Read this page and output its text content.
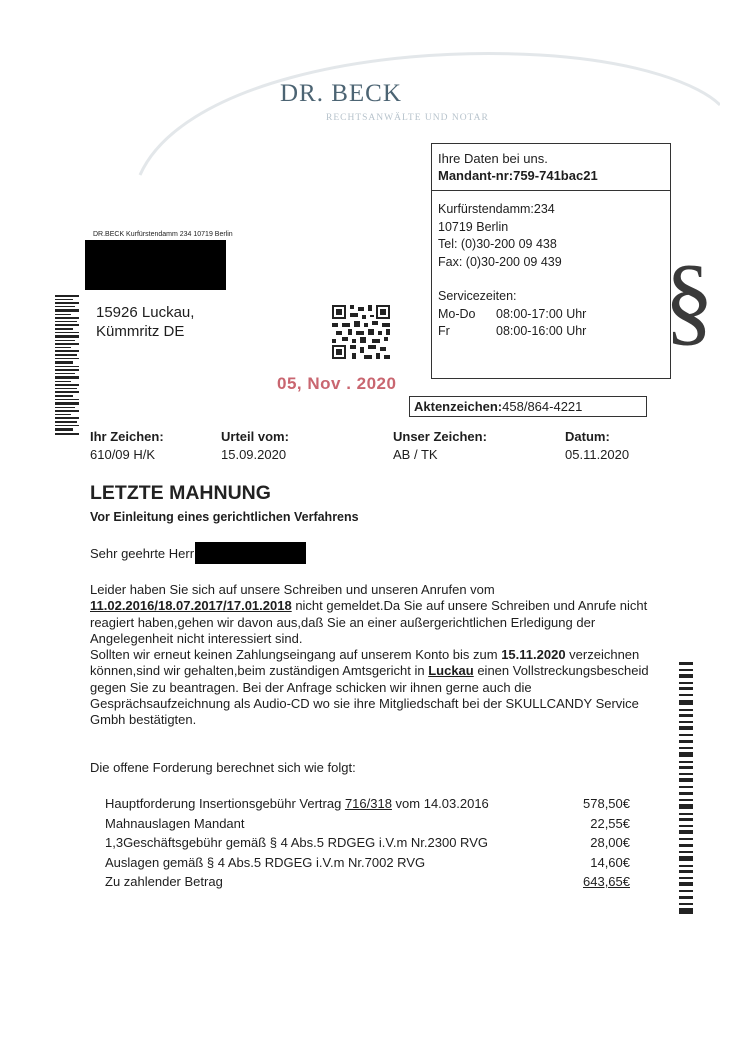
DR. BECK
RECHTSANWÄLTE UND NOTAR
Ihre Daten bei uns.
Mandant-nr:759-741bac21
Kurfürstendamm:234
10719 Berlin
Tel: (0)30-200 09 438
Fax: (0)30-200 09 439
Servicezeiten:
Mo-Do	08:00-17:00 Uhr
Fr	08:00-16:00 Uhr §
DR.BECK Kurfürstendamm 234 10719 Berlin
15926 Luckau,
Kümmritz DE
05, Nov . 2020
Aktenzeichen:458/864-4221
Ihr Zeichen:
610/09 H/K
Urteil vom:
15.09.2020
Unser Zeichen:
AB / TK
Datum:
05.11.2020
LETZTE MAHNUNG
Vor Einleitung eines gerichtlichen Verfahrens
Sehr geehrte Herr
Leider haben Sie sich auf unsere Schreiben und unseren Anrufen vom
11.02.2016/18.07.2017/17.01.2018 nicht gemeldet.Da Sie auf unsere Schreiben und Anrufe nicht reagiert haben,gehen wir davon aus,daß Sie an einer außergerichtlichen Erledigung der Angelegenheit nicht interessiert sind.
Sollten wir erneut keinen Zahlungseingang auf unserem Konto bis zum 15.11.2020 verzeichnen können,sind wir gehalten,beim zuständigen Amtsgericht in Luckau einen Vollstreckungsbescheid gegen Sie zu beantragen. Bei der Anfrage schicken wir ihnen gerne auch die Gesprächsaufzeichnung als Audio-CD wo sie ihre Mitgliedschaft bei der SKULLCANDY Service Gmbh bestätigten.
Die offene Forderung berechnet sich wie folgt:
Hauptforderung Insertionsgebühr Vertrag 716/318 vom 14.03.2016	578,50€
Mahnauslagen Mandant	22,55€
1,3Geschäftsgebühr gemäß § 4 Abs.5 RDGEG i.V.m Nr.2300 RVG	28,00€
Auslagen gemäß § 4 Abs.5 RDGEG i.V.m Nr.7002 RVG	14,60€
Zu zahlender Betrag	643,65€
